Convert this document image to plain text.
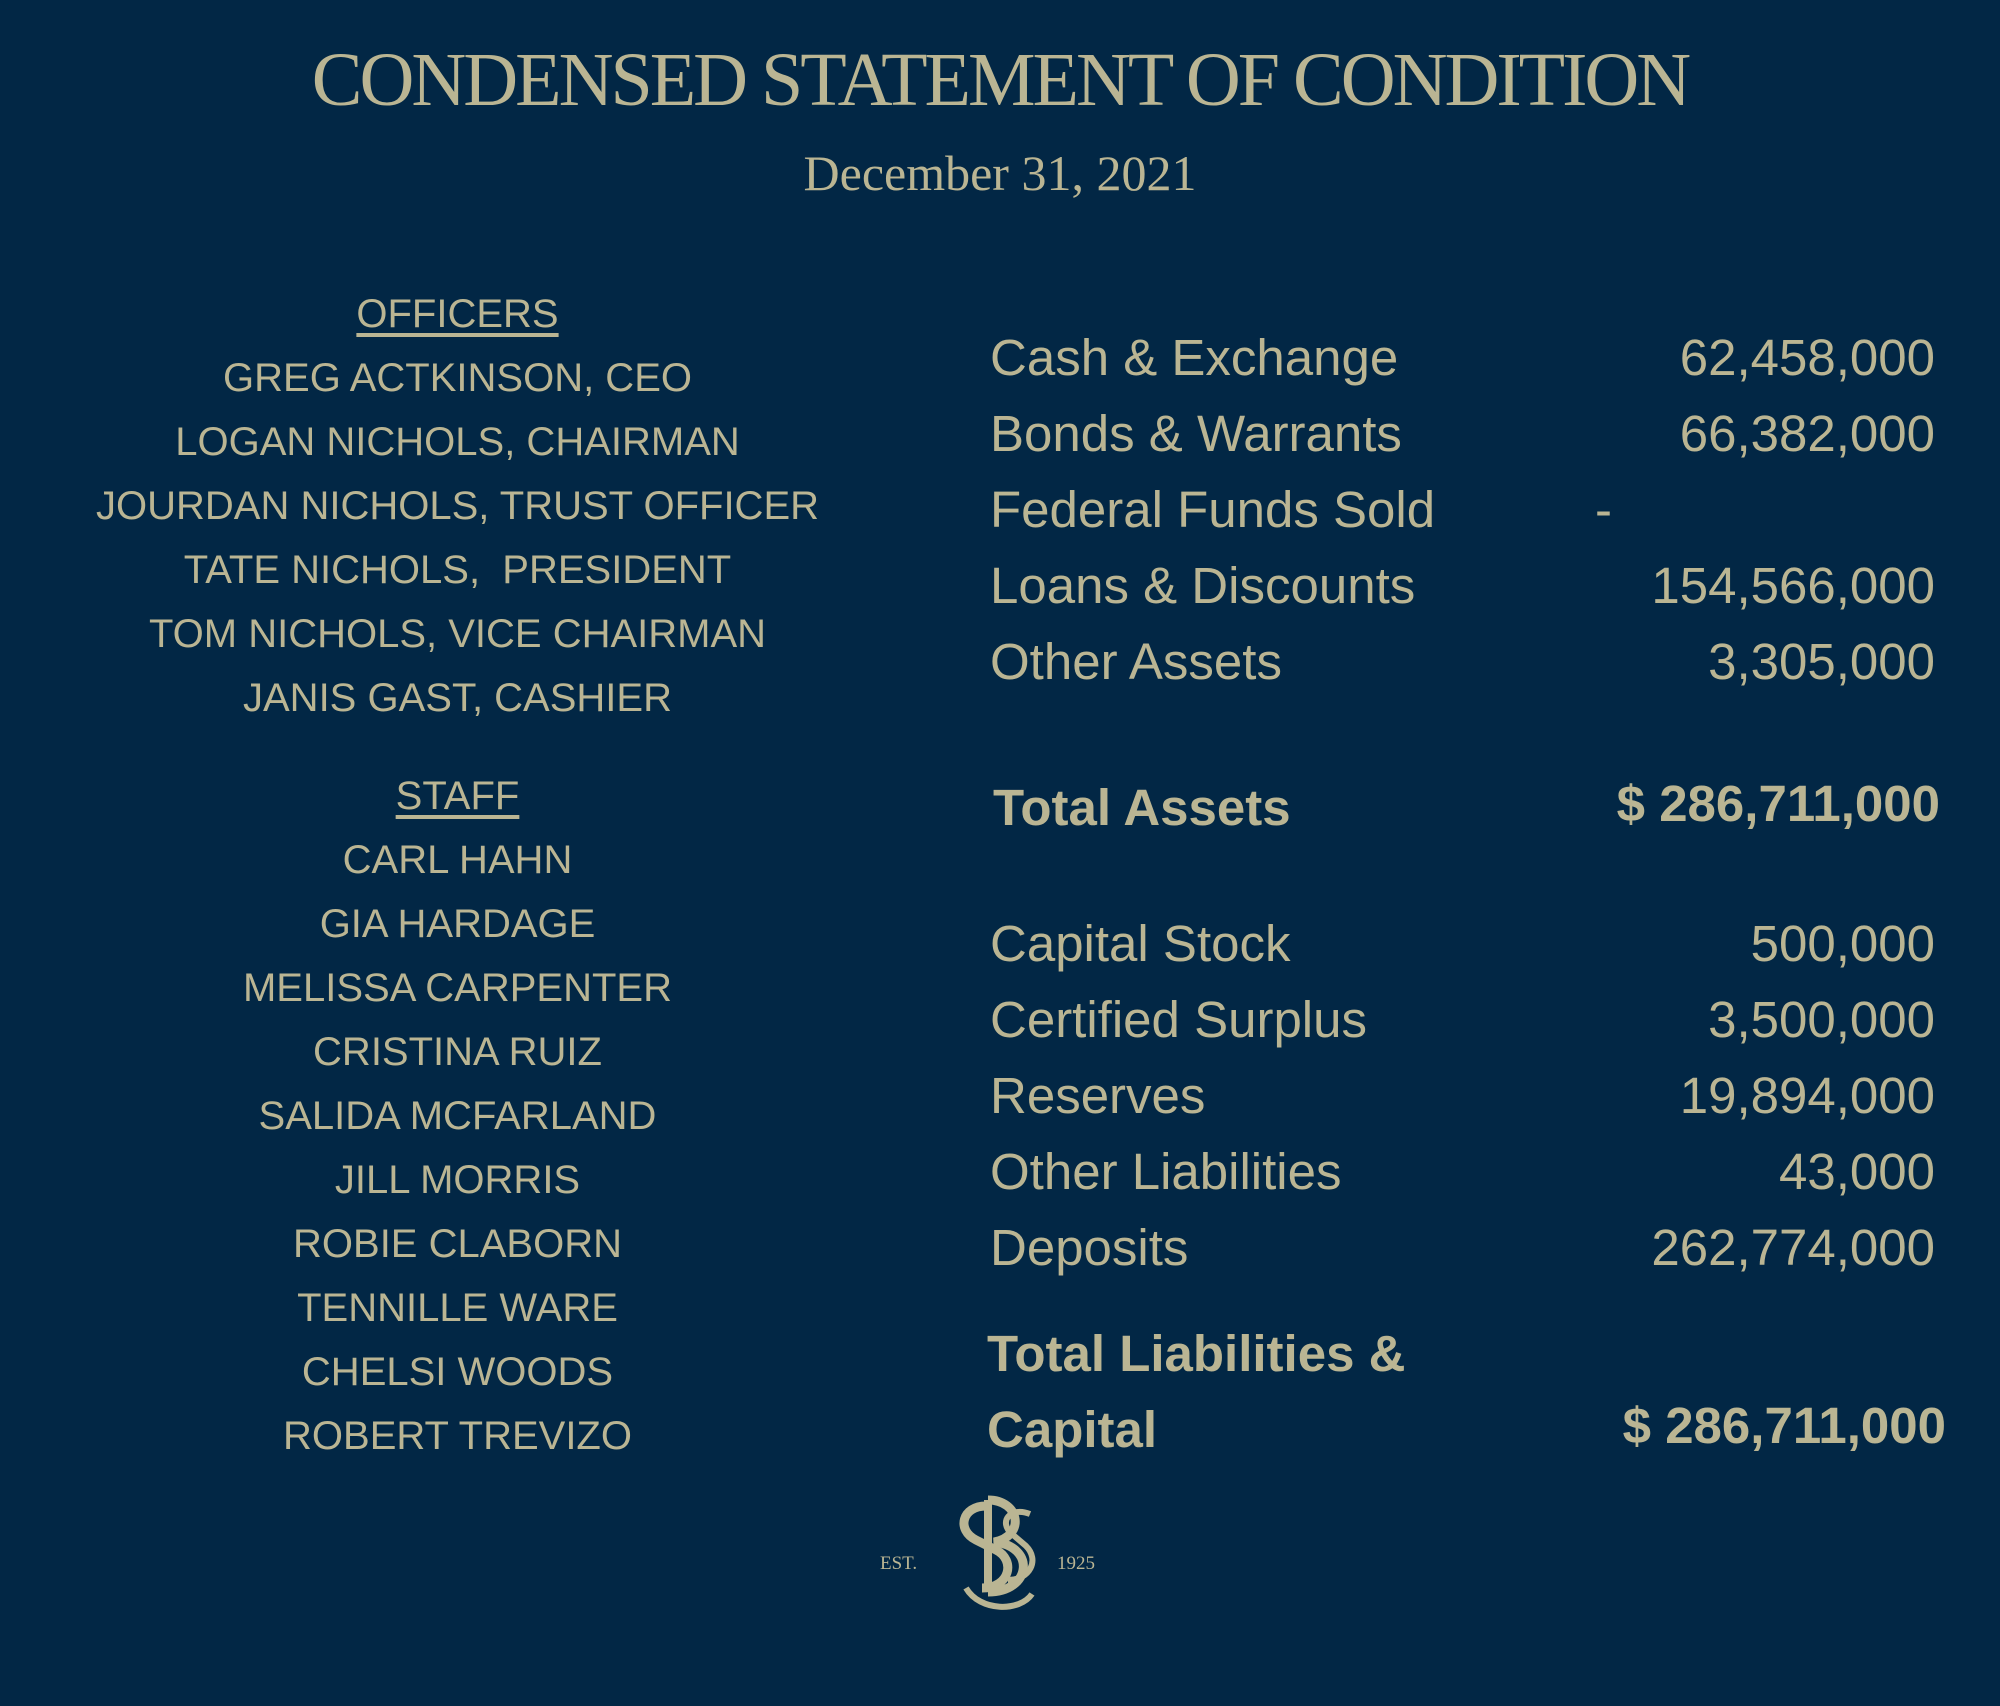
CONDENSED STATEMENT OF CONDITION
December 31, 2021
OFFICERS
GREG ACTKINSON, CEO
LOGAN NICHOLS, CHAIRMAN
JOURDAN NICHOLS, TRUST OFFICER
TATE NICHOLS,  PRESIDENT
TOM NICHOLS, VICE CHAIRMAN
JANIS GAST, CASHIER
STAFF
CARL HAHN
GIA HARDAGE
MELISSA CARPENTER
CRISTINA RUIZ
SALIDA MCFARLAND
JILL MORRIS
ROBIE CLABORN
TENNILLE WARE
CHELSI WOODS
ROBERT TREVIZO
Cash & Exchange	62,458,000
Bonds & Warrants	66,382,000
Federal Funds Sold	-
Loans & Discounts	154,566,000
Other Assets	3,305,000
Total Assets	$ 286,711,000
Capital Stock	500,000
Certified Surplus	3,500,000
Reserves	19,894,000
Other Liabilities	43,000
Deposits	262,774,000
Total Liabilities & Capital	$ 286,711,000
EST.	1925
